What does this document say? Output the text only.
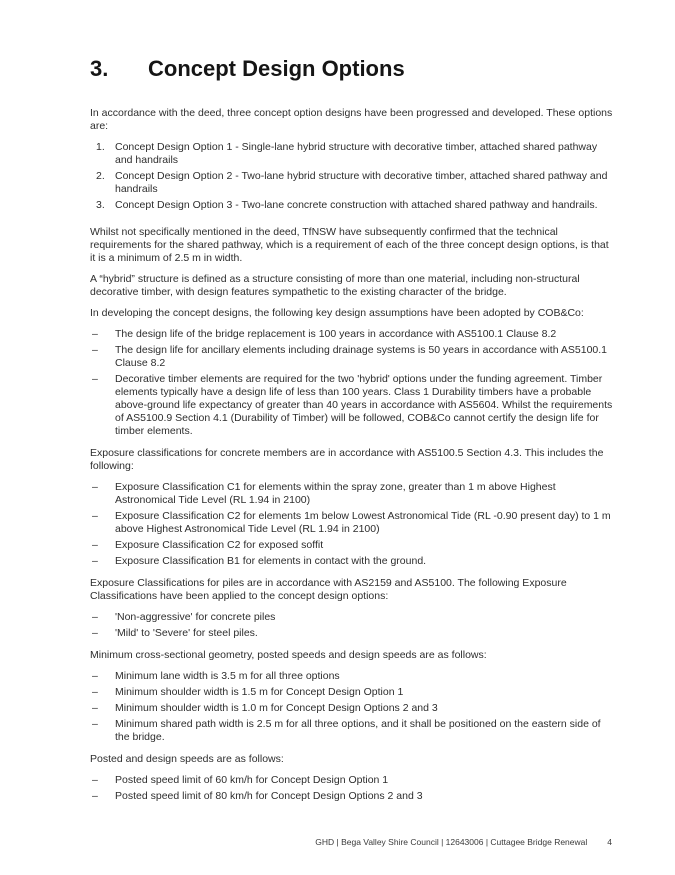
3.	Concept Design Options

In accordance with the deed, three concept option designs have been progressed and developed. These options are:

1. Concept Design Option 1 - Single-lane hybrid structure with decorative timber, attached shared pathway and handrails
2. Concept Design Option 2 - Two-lane hybrid structure with decorative timber, attached shared pathway and handrails
3. Concept Design Option 3 - Two-lane concrete construction with attached shared pathway and handrails.

Whilst not specifically mentioned in the deed, TfNSW have subsequently confirmed that the technical requirements for the shared pathway, which is a requirement of each of the three concept design options, is that it is a minimum of 2.5 m in width.

A “hybrid” structure is defined as a structure consisting of more than one material, including non-structural decorative timber, with design features sympathetic to the existing character of the bridge.

In developing the concept designs, the following key design assumptions have been adopted by COB&Co:

–	The design life of the bridge replacement is 100 years in accordance with AS5100.1 Clause 8.2
–	The design life for ancillary elements including drainage systems is 50 years in accordance with AS5100.1 Clause 8.2
–	Decorative timber elements are required for the two 'hybrid' options under the funding agreement. Timber elements typically have a design life of less than 100 years. Class 1 Durability timbers have a probable above-ground life expectancy of greater than 40 years in accordance with AS5604. Whilst the requirements of AS5100.9 Section 4.1 (Durability of Timber) will be followed, COB&Co cannot certify the design life for timber elements.

Exposure classifications for concrete members are in accordance with AS5100.5 Section 4.3. This includes the following:

–	Exposure Classification C1 for elements within the spray zone, greater than 1 m above Highest Astronomical Tide Level (RL 1.94 in 2100)
–	Exposure Classification C2 for elements 1m below Lowest Astronomical Tide (RL -0.90 present day) to 1 m above Highest Astronomical Tide Level (RL 1.94 in 2100)
–	Exposure Classification C2 for exposed soffit
–	Exposure Classification B1 for elements in contact with the ground.

Exposure Classifications for piles are in accordance with AS2159 and AS5100. The following Exposure Classifications have been applied to the concept design options:

–	'Non-aggressive' for concrete piles
–	'Mild' to 'Severe' for steel piles.

Minimum cross-sectional geometry, posted speeds and design speeds are as follows:

–	Minimum lane width is 3.5 m for all three options
–	Minimum shoulder width is 1.5 m for Concept Design Option 1
–	Minimum shoulder width is 1.0 m for Concept Design Options 2 and 3
–	Minimum shared path width is 2.5 m for all three options, and it shall be positioned on the eastern side of the bridge.

Posted and design speeds are as follows:

–	Posted speed limit of 60 km/h for Concept Design Option 1
–	Posted speed limit of 80 km/h for Concept Design Options 2 and 3
GHD | Bega Valley Shire Council | 12643006 | Cuttagee Bridge Renewal 4
